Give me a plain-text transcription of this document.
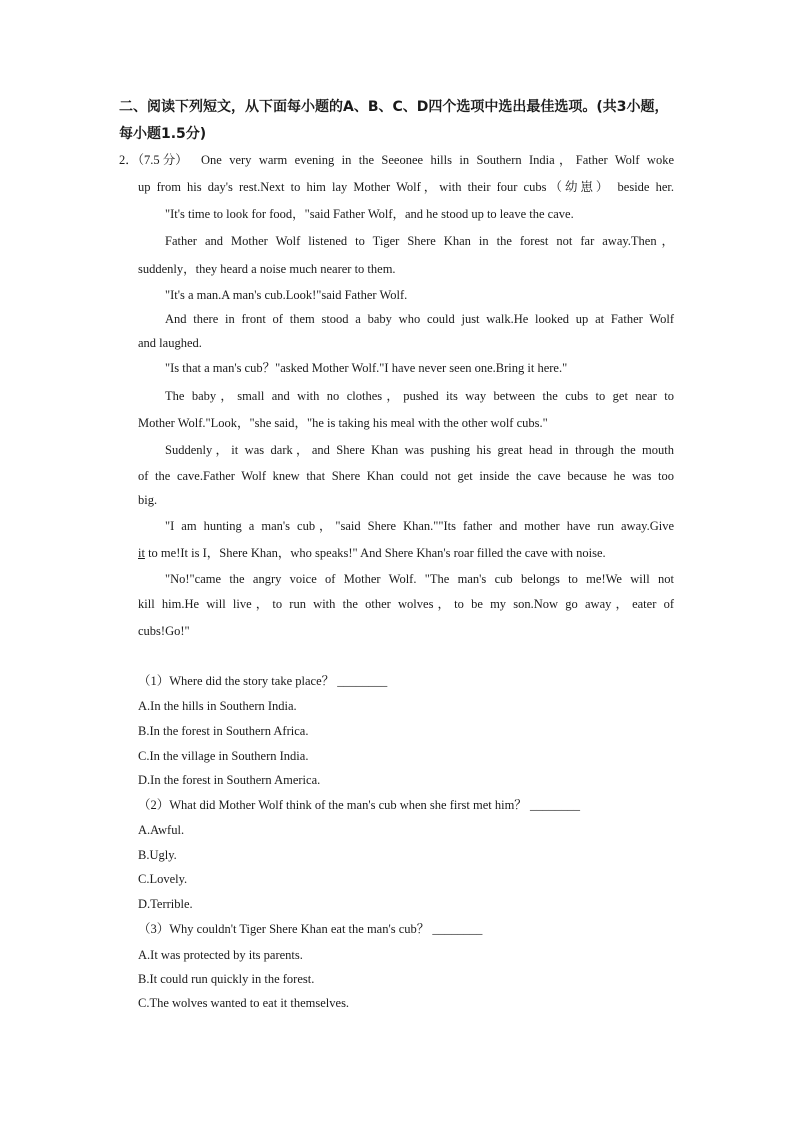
二、阅读下列短文，从下面每小题的A、B、C、D四个选项中选出最佳选项。(共3小题，
每小题1.5分)
2．（7.5 分） One very warm evening in the Seeonee hills in Southern India，Father Wolf woke
up from his day's rest.Next to him lay Mother Wolf，with their four cubs（幼崽） beside her.
"It's time to look for food，"said Father Wolf，and he stood up to leave the cave.
Father and Mother Wolf listened to Tiger Shere Khan in the forest not far away.Then，
suddenly，they heard a noise much nearer to them.
"It's a man.A man's cub.Look!"said Father Wolf.
And there in front of them stood a baby who could just walk.He looked up at Father Wolf
and laughed.
"Is that a man's cub？"asked Mother Wolf."I have never seen one.Bring it here."
The baby，small and with no clothes，pushed its way between the cubs to get near to
Mother Wolf."Look，"she said，"he is taking his meal with the other wolf cubs."
Suddenly，it was dark，and Shere Khan was pushing his great head in through the mouth
of the cave.Father Wolf knew that Shere Khan could not get inside the cave because he was too
big.
"I am hunting a man's cub，"said Shere Khan.""Its father and mother have run away.Give
it to me!It is I，Shere Khan，who speaks!" And Shere Khan's roar filled the cave with noise.
"No!"came the angry voice of Mother Wolf. "The man's cub belongs to me!We will not
kill him.He will live，to run with the other wolves，to be my son.Now go away，eater of
cubs!Go!"
（1）Where did the story take place？ ________
A.In the hills in Southern India.
B.In the forest in Southern Africa.
C.In the village in Southern India.
D.In the forest in Southern America.
（2）What did Mother Wolf think of the man's cub when she first met him？ ________
A.Awful.
B.Ugly.
C.Lovely.
D.Terrible.
（3）Why couldn't Tiger Shere Khan eat the man's cub？ ________
A.It was protected by its parents.
B.It could run quickly in the forest.
C.The wolves wanted to eat it themselves.
